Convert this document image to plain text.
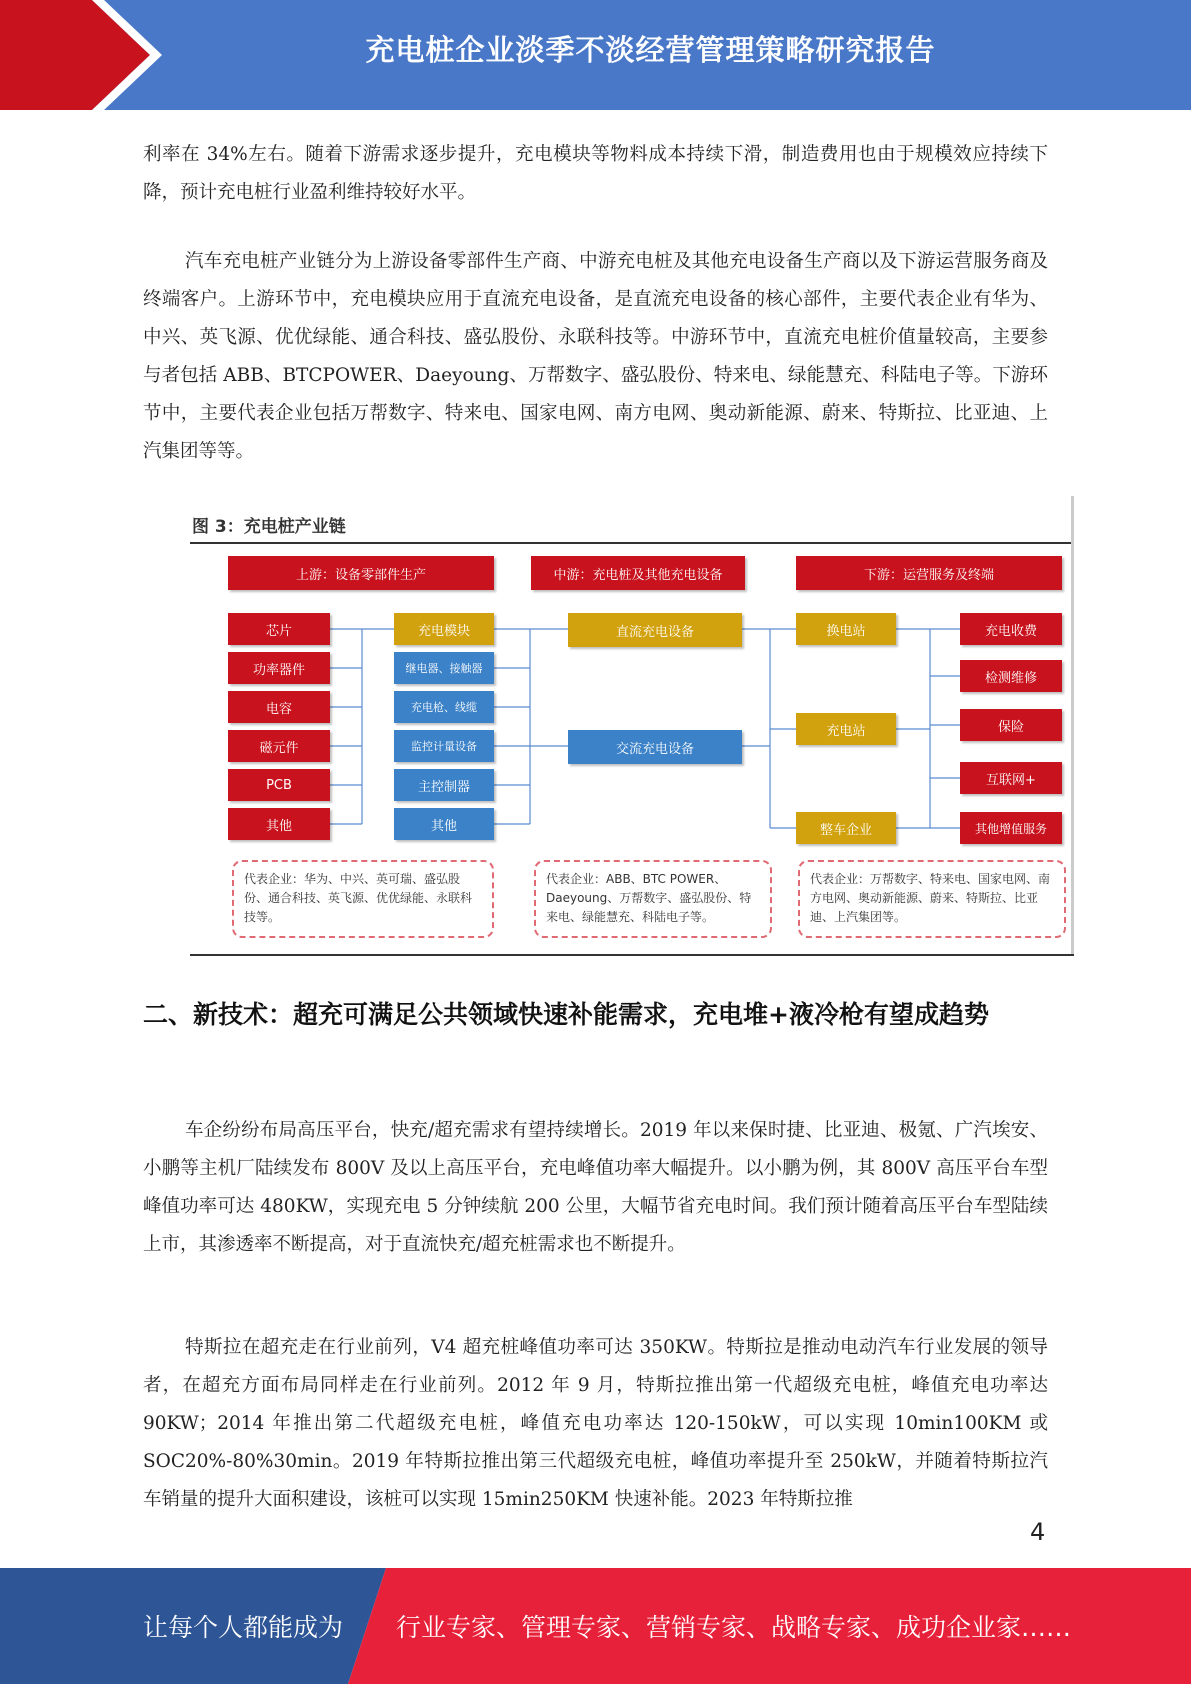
充电桩企业淡季不淡经营管理策略研究报告

利率在 34%左右。随着下游需求逐步提升，充电模块等物料成本持续下滑，制造费用也由于规模效应持续下降，预计充电桩行业盈利维持较好水平。

汽车充电桩产业链分为上游设备零部件生产商、中游充电桩及其他充电设备生产商以及下游运营服务商及终端客户。上游环节中，充电模块应用于直流充电设备，是直流充电设备的核心部件，主要代表企业有华为、中兴、英飞源、优优绿能、通合科技、盛弘股份、永联科技等。中游环节中，直流充电桩价值量较高，主要参与者包括 ABB、BTCPOWER、Daeyoung、万帮数字、盛弘股份、特来电、绿能慧充、科陆电子等。下游环节中，主要代表企业包括万帮数字、特来电、国家电网、南方电网、奥动新能源、蔚来、特斯拉、比亚迪、上汽集团等等。

图 3：充电桩产业链
上游：设备零部件生产	中游：充电桩及其他充电设备	下游：运营服务及终端
芯片
功率器件
电容
磁元件
PCB
其他
充电模块
继电器、接触器
充电枪、线缆
监控计量设备
主控制器
其他
直流充电设备
交流充电设备
换电站
充电站
整车企业
充电收费
检测维修
保险
互联网+
其他增值服务
代表企业：华为、中兴、英可瑞、盛弘股份、通合科技、英飞源、优优绿能、永联科技等。
代表企业：ABB、BTC POWER、Daeyoung、万帮数字、盛弘股份、特来电、绿能慧充、科陆电子等。
代表企业：万帮数字、特来电、国家电网、南方电网、奥动新能源、蔚来、特斯拉、比亚迪、上汽集团等。
二、新技术：超充可满足公共领域快速补能需求，充电堆+液冷枪有望成趋势

车企纷纷布局高压平台，快充/超充需求有望持续增长。2019 年以来保时捷、比亚迪、极氪、广汽埃安、小鹏等主机厂陆续发布 800V 及以上高压平台，充电峰值功率大幅提升。以小鹏为例，其 800V 高压平台车型峰值功率可达 480KW，实现充电 5 分钟续航 200 公里，大幅节省充电时间。我们预计随着高压平台车型陆续上市，其渗透率不断提高，对于直流快充/超充桩需求也不断提升。

特斯拉在超充走在行业前列，V4 超充桩峰值功率可达 350KW。特斯拉是推动电动汽车行业发展的领导者，在超充方面布局同样走在行业前列。2012 年 9 月，特斯拉推出第一代超级充电桩，峰值充电功率达 90KW；2014 年推出第二代超级充电桩，峰值充电功率达 120-150kW，可以实现 10min100KM 或 SOC20%-80%30min。2019 年特斯拉推出第三代超级充电桩，峰值功率提升至 250kW，并随着特斯拉汽车销量的提升大面积建设，该桩可以实现 15min250KM 快速补能。2023 年特斯拉推

4
让每个人都能成为 行业专家、管理专家、营销专家、战略专家、成功企业家……
